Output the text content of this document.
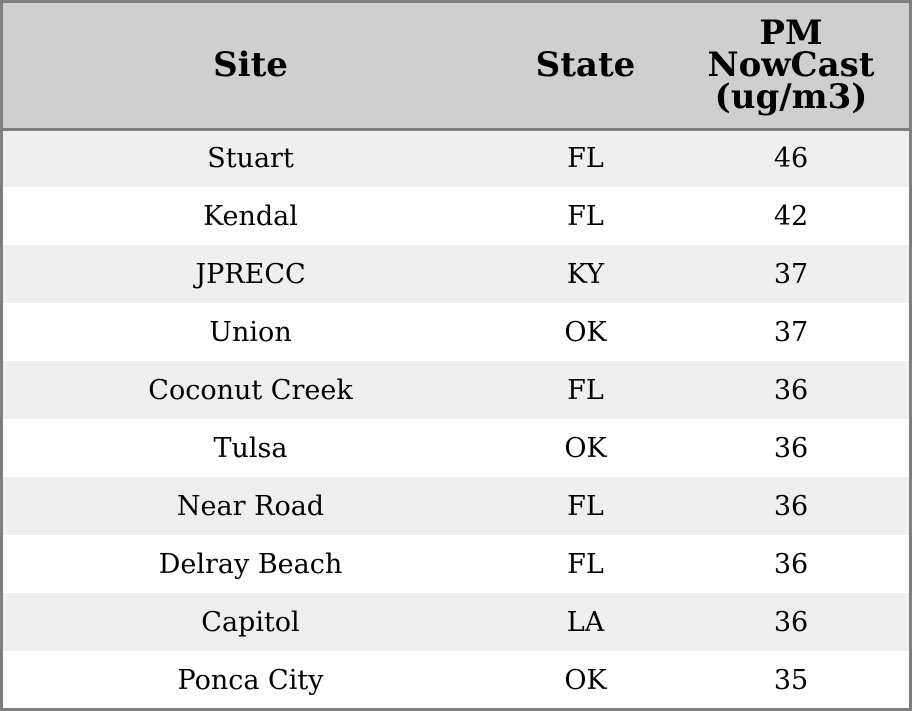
Site	State	PM NowCast (ug/m3)
Stuart	FL	46
Kendal	FL	42
JPRECC	KY	37
Union	OK	37
Coconut Creek	FL	36
Tulsa	OK	36
Near Road	FL	36
Delray Beach	FL	36
Capitol	LA	36
Ponca City	OK	35
